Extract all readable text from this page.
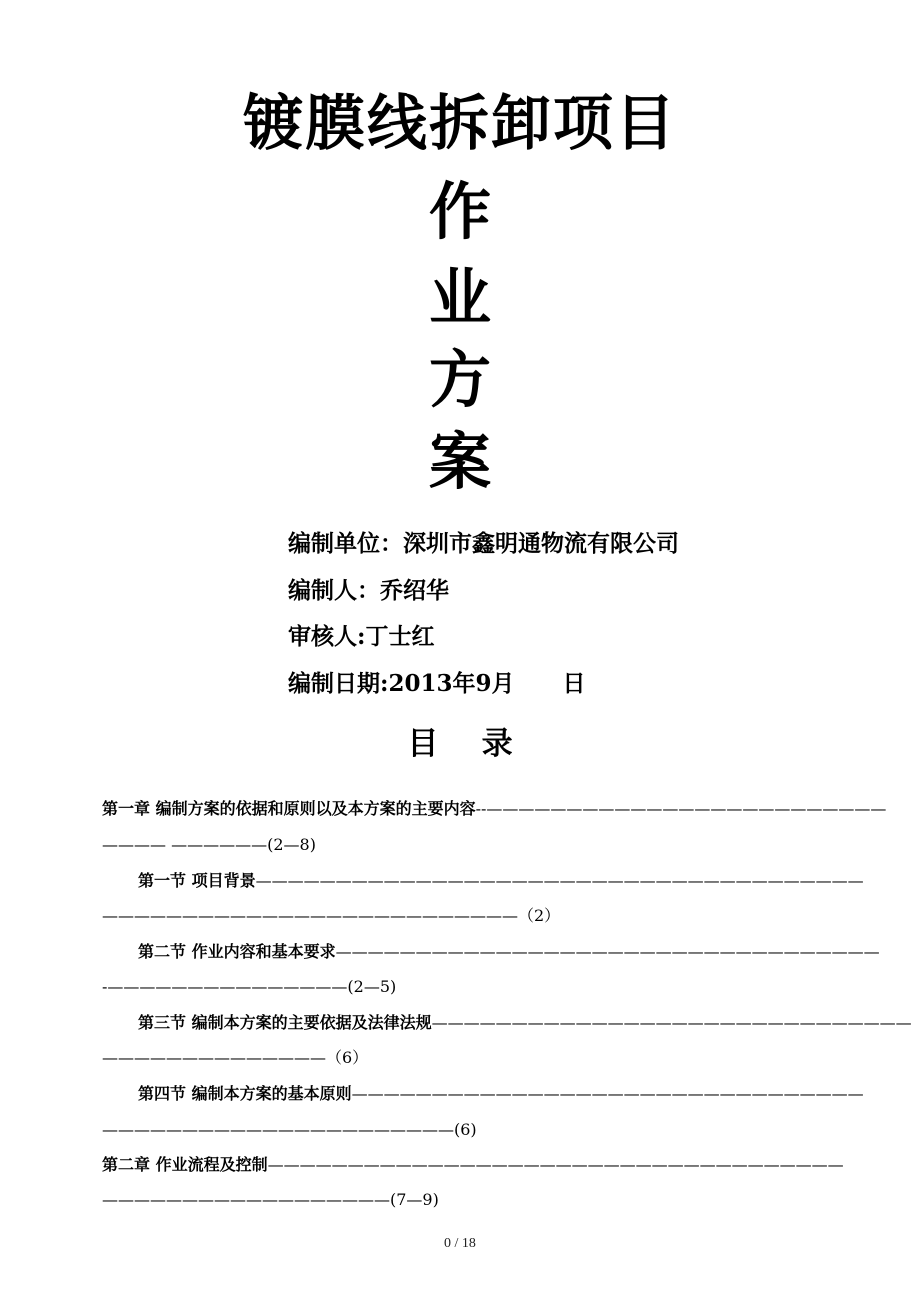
镀膜线拆卸项目
作
业
方
案
编制单位：深圳市鑫明通物流有限公司
编制人：乔绍华
审核人:丁士红
编制日期:2013年9月      日
目    录
第一章 编制方案的依据和原则以及本方案的主要内容--—————————————————————————
———— ——————(2—8)
第一节 项目背景——————————————————————————————————————
——————————————————————————（2）
第二节 作业内容和基本要求——————————————————————————————————
-———————————————(2—5)
第三节 编制本方案的主要依据及法律法规——————————————————————————————
——————————————（6）
第四节 编制本方案的基本原则————————————————————————————————
——————————————————————(6)
第二章 作业流程及控制————————————————————————————————————
——————————————————(7—9)
0 / 18
